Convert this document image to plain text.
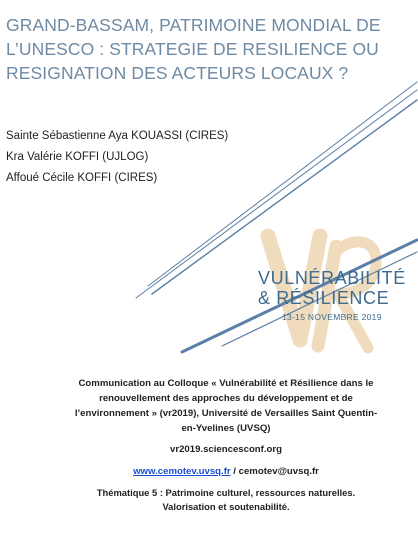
GRAND-BASSAM, PATRIMOINE MONDIAL DE L’UNESCO : STRATEGIE DE RESILIENCE OU RESIGNATION DES ACTEURS LOCAUX ?
Sainte Sébastienne Aya KOUASSI (CIRES)
Kra Valérie KOFFI (UJLOG)
Affoué Cécile KOFFI (CIRES)
VULNÉRABILITÉ
& RÉSILIENCE
13-15 NOVEMBRE 2019
Communication au Colloque « Vulnérabilité et Résilience dans le renouvellement des approches du développement et de l’environnement » (vr2019), Université de Versailles Saint Quentin-en-Yvelines (UVSQ)
vr2019.sciencesconf.org
www.cemotev.uvsq.fr / cemotev@uvsq.fr
Thématique 5 : Patrimoine culturel, ressources naturelles. Valorisation et soutenabilité.
